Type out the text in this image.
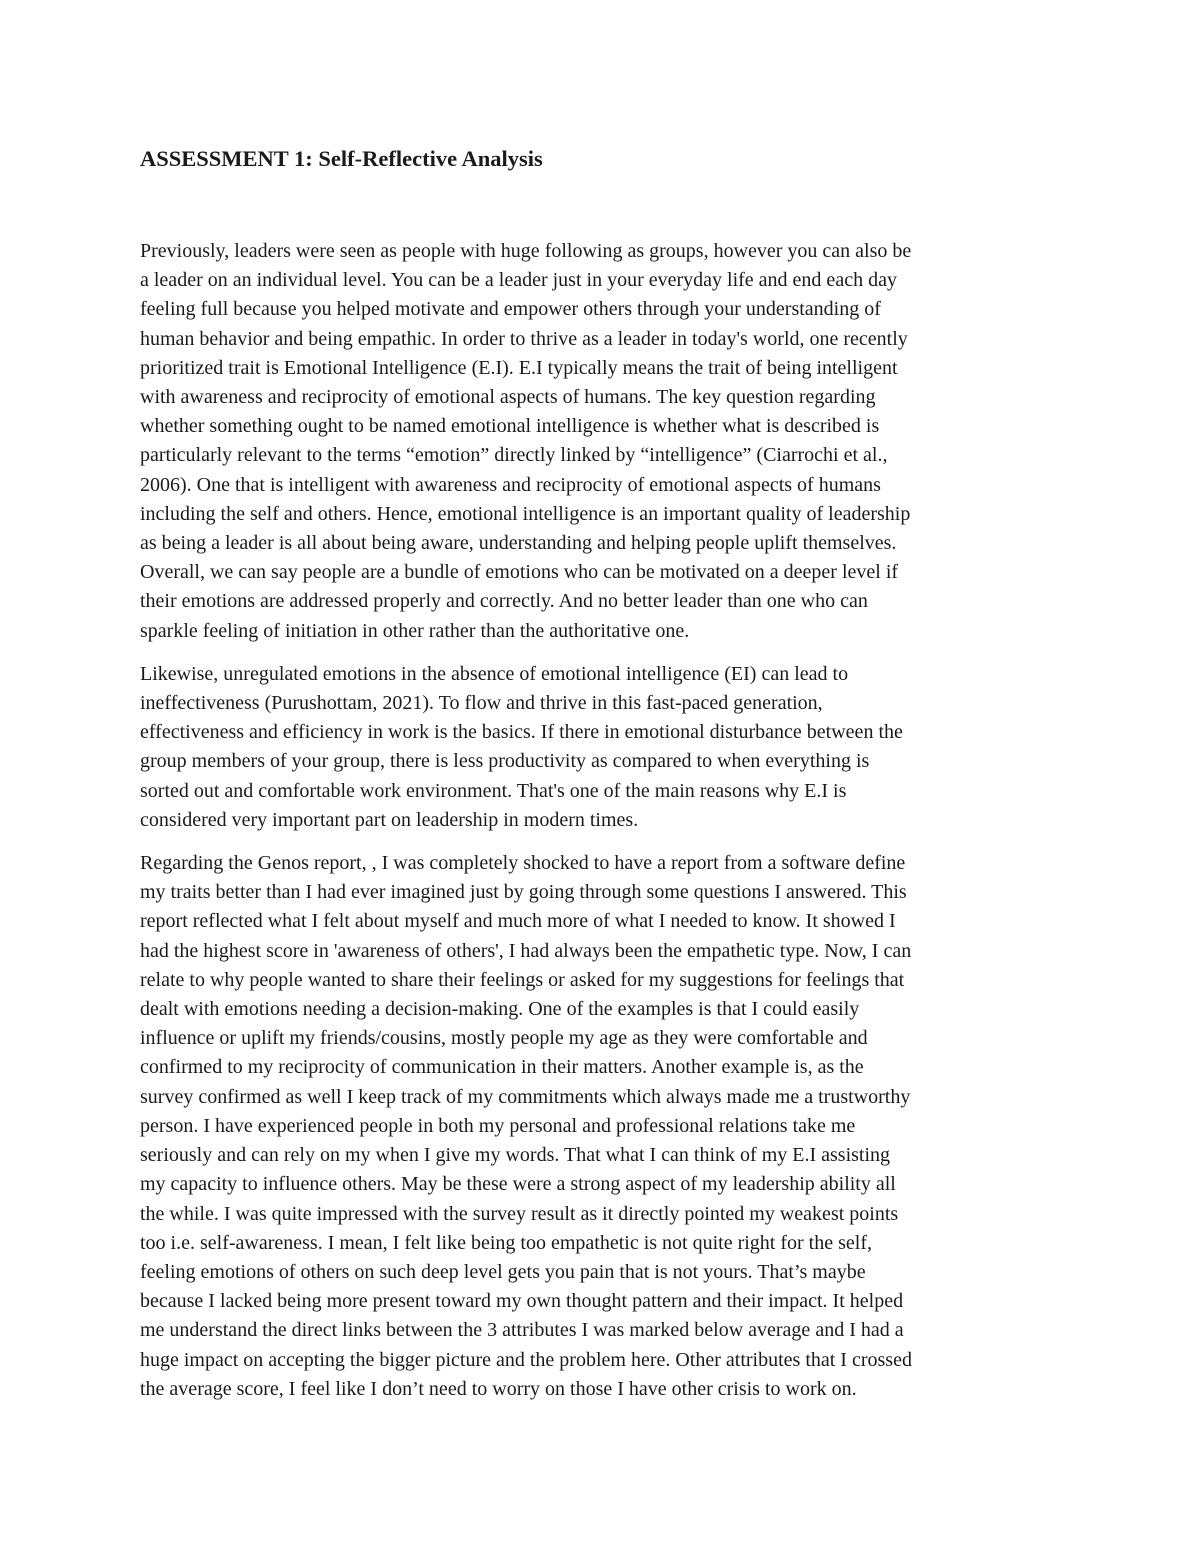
ASSESSMENT 1: Self-Reflective Analysis

Previously, leaders were seen as people with huge following as groups, however you can also be
a leader on an individual level. You can be a leader just in your everyday life and end each day
feeling full because you helped motivate and empower others through your understanding of
human behavior and being empathic. In order to thrive as a leader in today's world, one recently
prioritized trait is Emotional Intelligence (E.I). E.I typically means the trait of being intelligent
with awareness and reciprocity of emotional aspects of humans. The key question regarding
whether something ought to be named emotional intelligence is whether what is described is
particularly relevant to the terms “emotion” directly linked by “intelligence” (Ciarrochi et al.,
2006). One that is intelligent with awareness and reciprocity of emotional aspects of humans
including the self and others. Hence, emotional intelligence is an important quality of leadership
as being a leader is all about being aware, understanding and helping people uplift themselves.
Overall, we can say people are a bundle of emotions who can be motivated on a deeper level if
their emotions are addressed properly and correctly. And no better leader than one who can
sparkle feeling of initiation in other rather than the authoritative one.

Likewise, unregulated emotions in the absence of emotional intelligence (EI) can lead to
ineffectiveness (Purushottam, 2021). To flow and thrive in this fast-paced generation,
effectiveness and efficiency in work is the basics. If there in emotional disturbance between the
group members of your group, there is less productivity as compared to when everything is
sorted out and comfortable work environment. That's one of the main reasons why E.I is
considered very important part on leadership in modern times.

Regarding the Genos report, , I was completely shocked to have a report from a software define
my traits better than I had ever imagined just by going through some questions I answered. This
report reflected what I felt about myself and much more of what I needed to know. It showed I
had the highest score in 'awareness of others', I had always been the empathetic type. Now, I can
relate to why people wanted to share their feelings or asked for my suggestions for feelings that
dealt with emotions needing a decision-making. One of the examples is that I could easily
influence or uplift my friends/cousins, mostly people my age as they were comfortable and
confirmed to my reciprocity of communication in their matters. Another example is, as the
survey confirmed as well I keep track of my commitments which always made me a trustworthy
person. I have experienced people in both my personal and professional relations take me
seriously and can rely on my when I give my words. That what I can think of my E.I assisting
my capacity to influence others. May be these were a strong aspect of my leadership ability all
the while. I was quite impressed with the survey result as it directly pointed my weakest points
too i.e. self-awareness. I mean, I felt like being too empathetic is not quite right for the self,
feeling emotions of others on such deep level gets you pain that is not yours. That’s maybe
because I lacked being more present toward my own thought pattern and their impact. It helped
me understand the direct links between the 3 attributes I was marked below average and I had a
huge impact on accepting the bigger picture and the problem here. Other attributes that I crossed
the average score, I feel like I don’t need to worry on those I have other crisis to work on.
